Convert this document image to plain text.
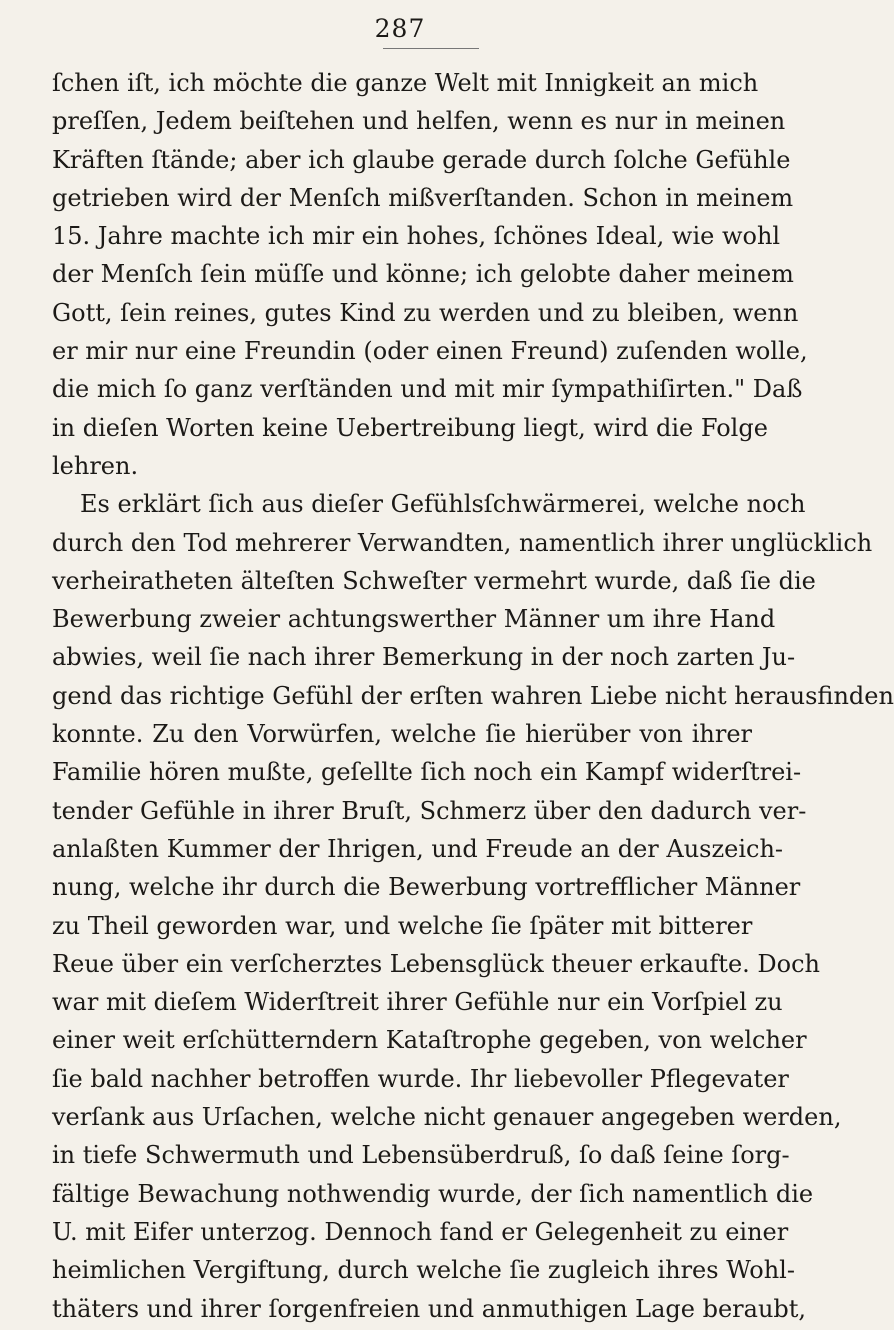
287
ſchen iſt, ich möchte die ganze Welt mit Innigkeit an mich
preſſen, Jedem beiſtehen und helfen, wenn es nur in meinen
Kräften ſtände; aber ich glaube gerade durch ſolche Gefühle
getrieben wird der Menſch mißverſtanden. Schon in meinem
15. Jahre machte ich mir ein hohes, ſchönes Ideal, wie wohl
der Menſch ſein müſſe und könne; ich gelobte daher meinem
Gott, ſein reines, gutes Kind zu werden und zu bleiben, wenn
er mir nur eine Freundin (oder einen Freund) zuſenden wolle,
die mich ſo ganz verſtänden und mit mir ſympathiſirten." Daß
in dieſen Worten keine Uebertreibung liegt, wird die Folge
lehren.
Es erklärt ſich aus dieſer Gefühlsſchwärmerei, welche noch
durch den Tod mehrerer Verwandten, namentlich ihrer unglücklich
verheiratheten älteſten Schweſter vermehrt wurde, daß ſie die
Bewerbung zweier achtungswerther Männer um ihre Hand
abwies, weil ſie nach ihrer Bemerkung in der noch zarten Ju-
gend das richtige Gefühl der erſten wahren Liebe nicht herausfinden
konnte. Zu den Vorwürfen, welche ſie hierüber von ihrer
Familie hören mußte, geſellte ſich noch ein Kampf widerſtrei-
tender Gefühle in ihrer Bruſt, Schmerz über den dadurch ver-
anlaßten Kummer der Ihrigen, und Freude an der Auszeich-
nung, welche ihr durch die Bewerbung vortrefflicher Männer
zu Theil geworden war, und welche ſie ſpäter mit bitterer
Reue über ein verſcherztes Lebensglück theuer erkaufte. Doch
war mit dieſem Widerſtreit ihrer Gefühle nur ein Vorſpiel zu
einer weit erſchütterndern Kataſtrophe gegeben, von welcher
ſie bald nachher betroffen wurde. Ihr liebevoller Pflegevater
verſank aus Urſachen, welche nicht genauer angegeben werden,
in tiefe Schwermuth und Lebensüberdruß, ſo daß ſeine ſorg-
fältige Bewachung nothwendig wurde, der ſich namentlich die
U. mit Eifer unterzog. Dennoch fand er Gelegenheit zu einer
heimlichen Vergiftung, durch welche ſie zugleich ihres Wohl-
thäters und ihrer ſorgenfreien und anmuthigen Lage beraubt,
